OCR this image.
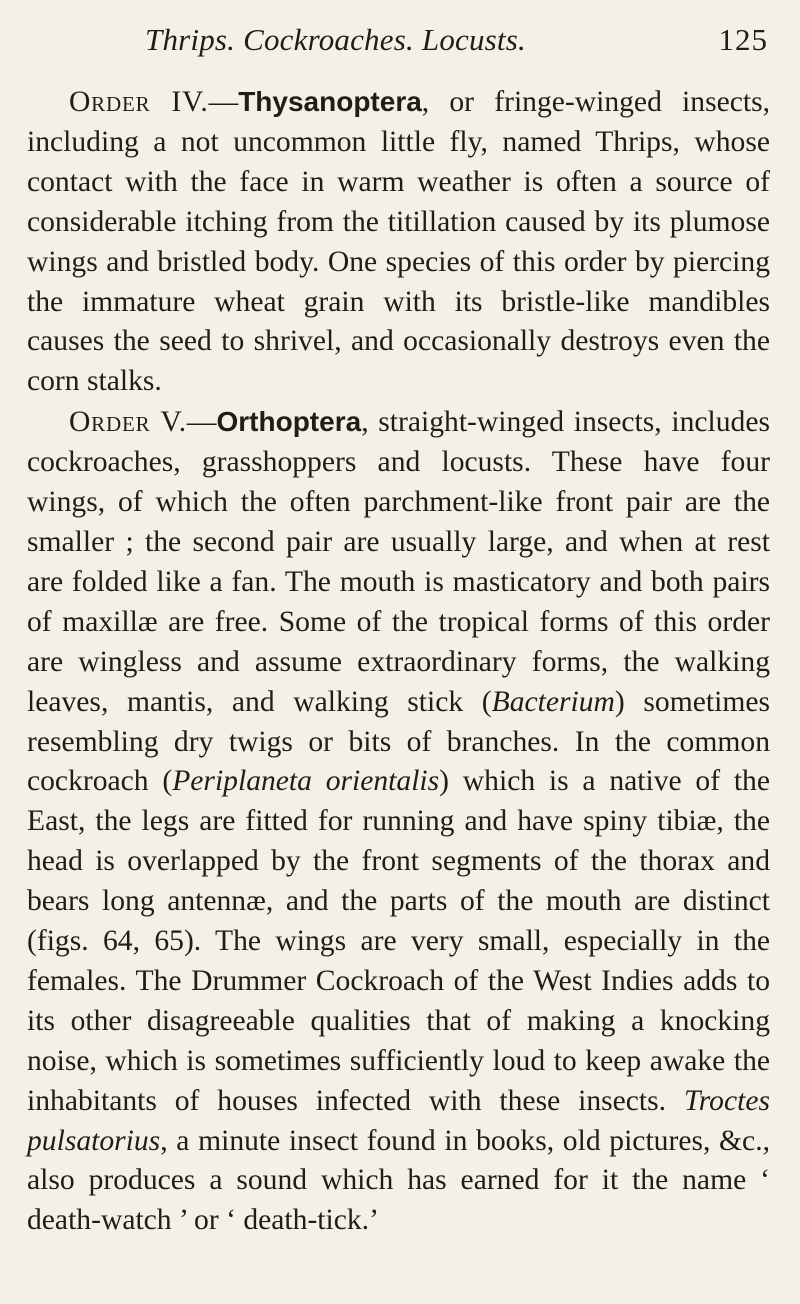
Thrips. Cockroaches. Locusts.	125

Order IV.—Thysanoptera, or fringe-winged insects, including a not uncommon little fly, named Thrips, whose contact with the face in warm weather is often a source of considerable itching from the titillation caused by its plumose wings and bristled body. One species of this order by piercing the immature wheat grain with its bristle-like mandibles causes the seed to shrivel, and occasionally destroys even the corn stalks.

Order V.—Orthoptera, straight-winged insects, includes cockroaches, grasshoppers and locusts. These have four wings, of which the often parchment-like front pair are the smaller ; the second pair are usually large, and when at rest are folded like a fan. The mouth is masticatory and both pairs of maxillæ are free. Some of the tropical forms of this order are wingless and assume extraordinary forms, the walking leaves, mantis, and walking stick (Bacterium) sometimes resembling dry twigs or bits of branches. In the common cockroach (Periplaneta orientalis) which is a native of the East, the legs are fitted for running and have spiny tibiæ, the head is overlapped by the front segments of the thorax and bears long antennæ, and the parts of the mouth are distinct (figs. 64, 65). The wings are very small, especially in the females. The Drummer Cockroach of the West Indies adds to its other disagreeable qualities that of making a knocking noise, which is sometimes sufficiently loud to keep awake the inhabitants of houses infected with these insects. Troctes pulsatorius, a minute insect found in books, old pictures, &c., also produces a sound which has earned for it the name ‘ death-watch ’ or ‘ death-tick.’
